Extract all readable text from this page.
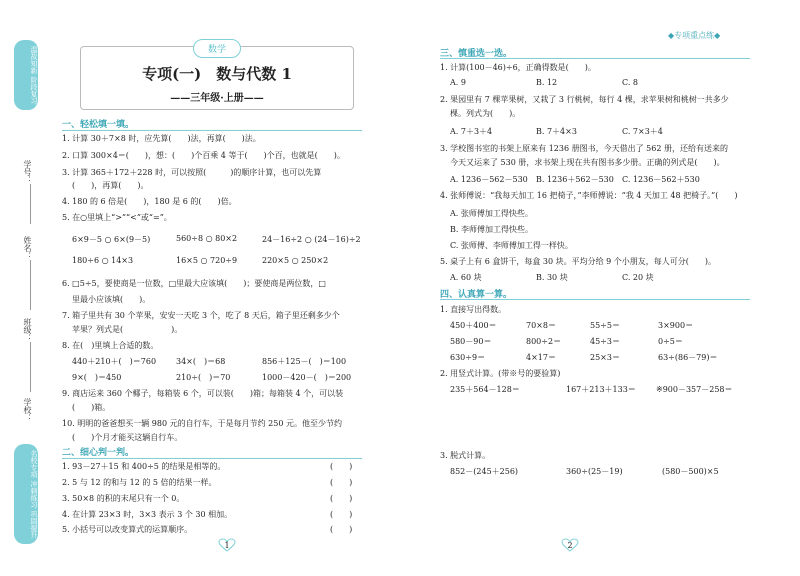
温故知新 阶段复习
学号：
姓名：
班级：
学校：
名校专项 冲刺练习 巩固提升
数学
专项(一)　数与代数 1
——三年级·上册——
一、轻松填一填。
1. 计算 30＋7×8 时，应先算(　　)法，再算(　　)法。
2. 口算 300×4＝(　　)，想：(　　)个百乘 4 等于(　　)个百，也就是(　　)。
3. 计算 365＋172＋228 时，可以按照(　　　)的顺序计算，也可以先算
(　　)，再算(　　)。
4. 180 的 6 倍是(　　)，180 是 6 的(　　)倍。
5. 在○里填上“>”“<”或“=”。
6×9－5 ○ 6×(9－5)	560÷8 ○ 80×2	24－16÷2 ○ (24－16)÷2
180÷6 ○ 14×3	16×5 ○ 720÷9	220×5 ○ 250×2
6. □5÷5，要使商是一位数，□里最大应该填(　　)；要使商是两位数，□
里最小应该填(　　)。
7. 箱子里共有 30 个苹果，安安一天吃 3 个，吃了 8 天后，箱子里还剩多少个
苹果？列式是(　　　　　　)。
8. 在(　)里填上合适的数。
440＋210＋(　)＝760 34×(　)＝68	856＋125－(　)＝100
9×(　)＝450	210÷(　)＝70	1000－420－(　)＝200
9. 商店运来 360 个椰子，每箱装 6 个，可以装(　　)箱；每箱装 4 个，可以装
(　　)箱。
10. 明明的爸爸想买一辆 980 元的自行车，于是每月节约 250 元。他至少节约
(　　)个月才能买这辆自行车。
二、细心判一判。
1. 93－27＋15 和 400÷5 的结果是相等的。	(　　)
2. 5 与 12 的和与 12 的 5 倍的结果一样。	(　　)
3. 50×8 的积的末尾只有一个 0。	(　　)
4. 在计算 23×3 时，3×3 表示 3 个 30 相加。	(　　)
5. 小括号可以改变算式的运算顺序。	(　　)
1
◆专项重点练◆
三、慎重选一选。
1. 计算(100－46)÷6，正确得数是(　　)。
A. 9	B. 12	C. 8
2. 果园里有 7 棵苹果树，又栽了 3 行桃树，每行 4 棵，求苹果树和桃树一共多少
棵。列式为(　　)。
A. 7＋3＋4	B. 7＋4×3	C. 7×3＋4
3. 学校图书室的书架上原来有 1236 册图书，今天借出了 562 册，还给有送来的
今天又运来了 530 册，求书架上现在共有图书多少册。正确的列式是(　　)。
A. 1236－562－530 B. 1236＋562－530 C. 1236－562＋530
4. 张师傅说：“我每天加工 16 把椅子，”李师傅说：“我 4 天加工 48 把椅子。”(　　)
A. 张师傅加工得快些。
B. 李师傅加工得快些。
C. 张师傅、李师傅加工得一样快。
5. 桌子上有 6 盒饼干，每盒 30 块。平均分给 9 个小朋友，每人可分(　　)。
A. 60 块	B. 30 块	C. 20 块
四、认真算一算。
1. 直接写出得数。
450＋400＝	70×8＝	55÷5＝	3×900＝
580－90＝	800÷2＝	45÷3＝	0÷5＝
630÷9＝	4×17＝	25×3＝	63÷(86－79)＝
2. 用竖式计算。(带※号的要验算)
235＋564－128＝	167＋213＋133＝	※900－357－258＝
3. 脱式计算。
852－(245＋256)	360÷(25－19)	(580－500)×5
2
